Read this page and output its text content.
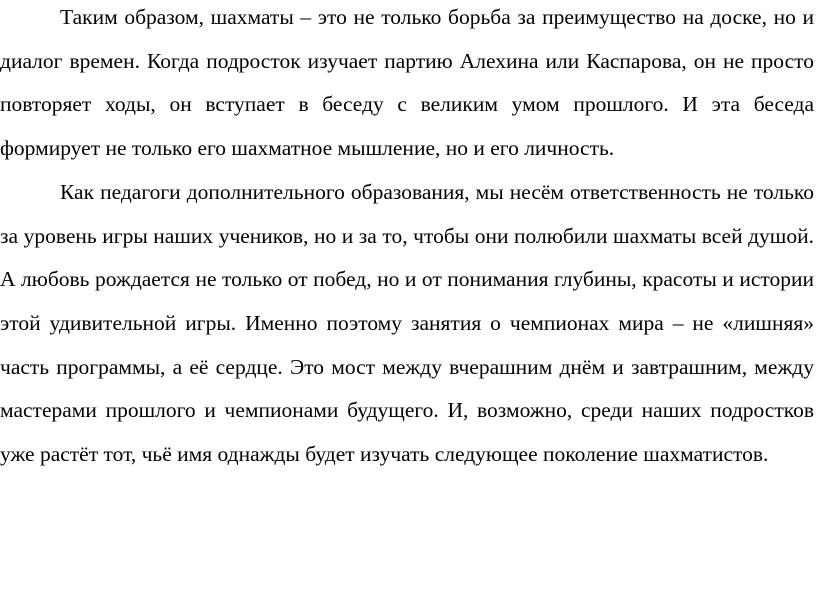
Таким образом, шахматы – это не только борьба за преимущество на доске, но и диалог времен. Когда подросток изучает партию Алехина или Каспарова, он не просто повторяет ходы, он вступает в беседу с великим умом прошлого. И эта беседа формирует не только его шахматное мышление, но и его личность.

Как педагоги дополнительного образования, мы несём ответственность не только за уровень игры наших учеников, но и за то, чтобы они полюбили шахматы всей душой. А любовь рождается не только от побед, но и от понимания глубины, красоты и истории этой удивительной игры. Именно поэтому занятия о чемпионах мира – не «лишняя» часть программы, а её сердце. Это мост между вчерашним днём и завтрашним, между мастерами прошлого и чемпионами будущего. И, возможно, среди наших подростков уже растёт тот, чьё имя однажды будет изучать следующее поколение шахматистов.
